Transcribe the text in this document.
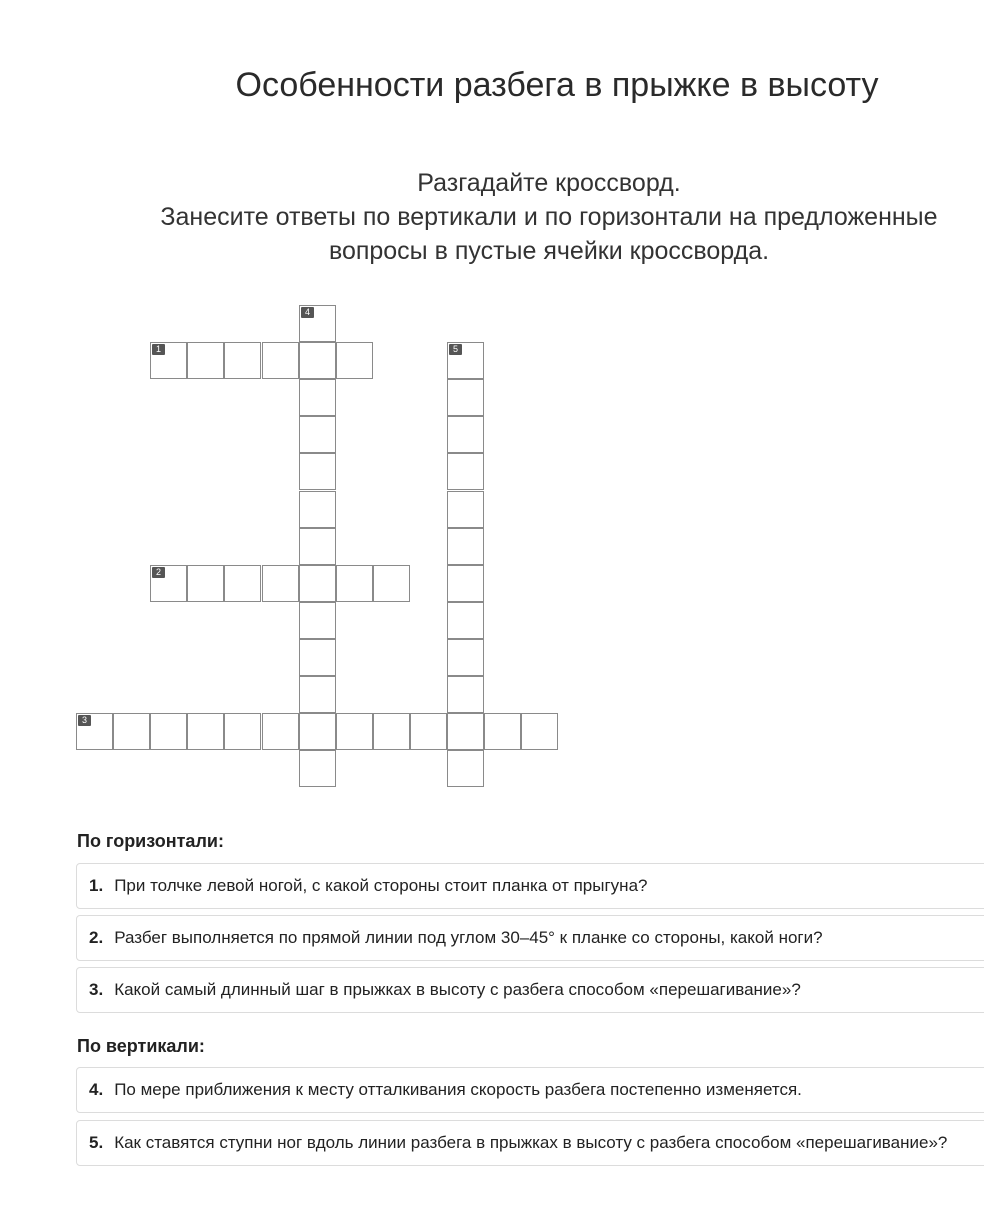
Особенности разбега в прыжке в высоту
Разгадайте кроссворд.
Занесите ответы по вертикали и по горизонтали на предложенные
вопросы в пустые ячейки кроссворда.
1
2
3
4
5
По горизонтали:
1. При толчке левой ногой, с какой стороны стоит планка от прыгуна?
2. Разбег выполняется по прямой линии под углом 30–45° к планке со стороны, какой ноги?
3. Какой самый длинный шаг в прыжках в высоту с разбега способом «перешагивание»?
По вертикали:
4. По мере приближения к месту отталкивания скорость разбега постепенно изменяется.
5. Как ставятся ступни ног вдоль линии разбега в прыжках в высоту с разбега способом «перешагивание»?
